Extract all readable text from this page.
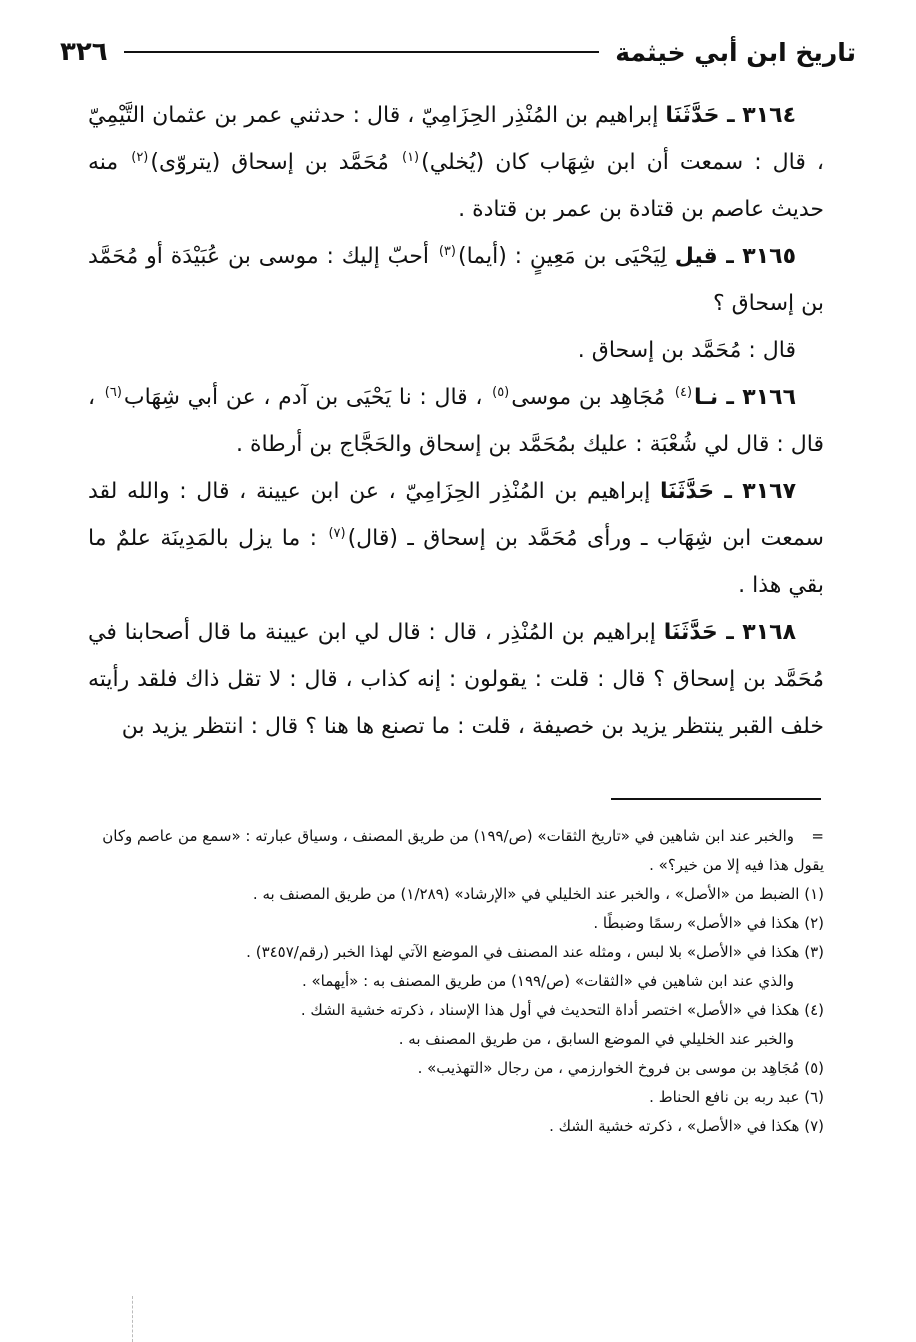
تاريخ ابن أبي خيثمة
٣٢٦

٣١٦٤ ـ حَدَّثَنَا إبراهيم بن المُنْذِر الحِزَامِيّ ، قال : حدثني عمر بن عثمان التَّيْمِيّ ، قال : سمعت أن ابن شِهَاب كان (يُخلي)$^{(١)}$ مُحَمَّد بن إسحاق (يتروّى)$^{(٢)}$ منه حديث عاصم بن قتادة بن عمر بن قتادة .

٣١٦٥ ـ قيل لِيَحْيَى بن مَعِينٍ : (أيما)$^{(٣)}$ أحبّ إليك : موسى بن عُبَيْدَة أو مُحَمَّد بن إسحاق ؟

قال : مُحَمَّد بن إسحاق .

٣١٦٦ ـ نـا$^{(٤)}$ مُجَاهِد بن موسى$^{(٥)}$ ، قال : نا يَحْيَى بن آدم ، عن أبي شِهَاب$^{(٦)}$ ، قال : قال لي شُعْبَة : عليك بمُحَمَّد بن إسحاق والحَجَّاج بن أرطاة .

٣١٦٧ ـ حَدَّثَنَا إبراهيم بن المُنْذِر الحِزَامِيّ ، عن ابن عيينة ، قال : والله لقد سمعت ابن شِهَاب ـ ورأى مُحَمَّد بن إسحاق ـ (قال)$^{(٧)}$ : ما يزل بالمَدِينَة علمٌ ما بقي هذا .

٣١٦٨ ـ حَدَّثَنَا إبراهيم بن المُنْذِر ، قال : قال لي ابن عيينة ما قال أصحابنا في مُحَمَّد بن إسحاق ؟ قال : قلت : يقولون : إنه كذاب ، قال : لا تقل ذاك فلقد رأيته خلف القبر ينتظر يزيد بن خصيفة ، قلت : ما تصنع ها هنا ؟ قال : انتظر يزيد بن

=والخبر عند ابن شاهين في «تاريخ الثقات» (ص/١٩٩) من طريق المصنف ، وسياق عبارته : «سمع من عاصم وكان يقول هذا فيه إلا من خير؟» .

(١) الضبط من «الأصل» ، والخبر عند الخليلي في «الإرشاد» (١/٢٨٩) من طريق المصنف به .

(٢) هكذا في «الأصل» رسمًا وضبطًا .

(٣) هكذا في «الأصل» بلا لبس ، ومثله عند المصنف في الموضع الآتي لهذا الخبر (رقم/٣٤٥٧) .

والذي عند ابن شاهين في «الثقات» (ص/١٩٩) من طريق المصنف به : «أيهما» .

(٤) هكذا في «الأصل» اختصر أداة التحديث في أول هذا الإسناد ، ذكرته خشية الشك .

والخبر عند الخليلي في الموضع السابق ، من طريق المصنف به .

(٥) مُجَاهِد بن موسى بن فروخ الخوارزمي ، من رجال «التهذيب» .

(٦) عبد ربه بن نافع الحناط .

(٧) هكذا في «الأصل» ، ذكرته خشية الشك .
